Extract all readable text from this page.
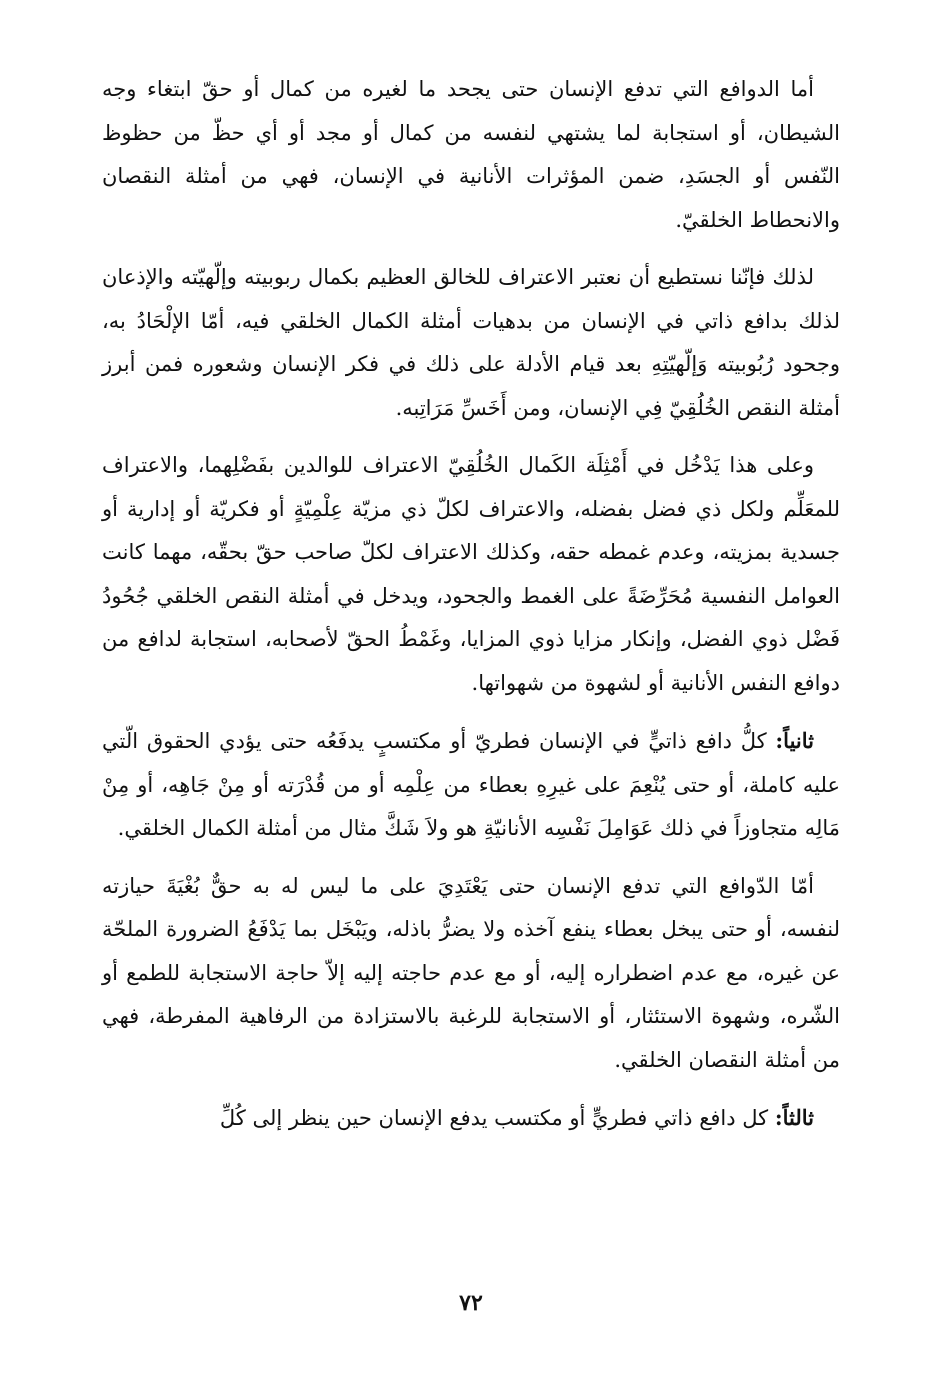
أما الدوافع التي تدفع الإنسان حتى يجحد ما لغيره من كمال أو حقّ ابتغاء وجه الشيطان، أو استجابة لما يشتهي لنفسه من كمال أو مجد أو أي حظّ من حظوظ النّفس أو الجسَدِ، ضمن المؤثرات الأنانية في الإنسان، فهي من أمثلة النقصان والانحطاط الخلقيّ.

لذلك فإنّنا نستطيع أن نعتبر الاعتراف للخالق العظيم بكمال ربوبيته وإلّهيّته والإذعان لذلك بدافع ذاتي في الإنسان من بدهيات أمثلة الكمال الخلقي فيه، أمّا الإلْحَادُ به، وجحود رُبُوبيته وَإلّهيّتِهِ بعد قيام الأدلة على ذلك في فكر الإنسان وشعوره فمن أبرز أمثلة النقص الخُلُقِيّ فِي الإنسان، ومن أَخَسِّ مَرَاتِبه.

وعلى هذا يَدْخُل في أَمْثِلَة الكَمال الخُلُقِيّ الاعتراف للوالدين بفَضْلِهما، والاعتراف للمعَلِّم ولكل ذي فضل بفضله، والاعتراف لكلّ ذي مزيّة عِلْمِيّةٍ أو فكريّة أو إدارية أو جسدية بمزيته، وعدم غمطه حقه، وكذلك الاعتراف لكلّ صاحب حقّ بحقّه، مهما كانت العوامل النفسية مُحَرِّضَةً على الغمط والجحود، ويدخل في أمثلة النقص الخلقي جُحُودُ فَضْل ذوي الفضل، وإنكار مزايا ذوي المزايا، وغَمْطُ الحقّ لأصحابه، استجابة لدافع من دوافع النفس الأنانية أو لشهوة من شهواتها.

ثانياً: كلُّ دافع ذاتيٍّ في الإنسان فطريّ أو مكتسبٍ يدفَعُه حتى يؤدي الحقوق الّتي عليه كاملة، أو حتى يُنْعِمَ على غيرِهِ بعطاء من عِلْمِه أو من قُدْرَته أو مِنْ جَاهِه، أو مِنْ مَالِه متجاوزاً في ذلك عَوَامِلَ نَفْسِه الأنانيّةِ هو ولاَ شَكَّ مثال من أمثلة الكمال الخلقي.

أمّا الدّوافع التي تدفع الإنسان حتى يَعْتَدِيَ على ما ليس له به حقٌّ بُغْيَةَ حيازته لنفسه، أو حتى يبخل بعطاء ينفع آخذه ولا يضرُّ باذله، ويَبْخَل بما يَدْفَعُ الضرورة الملحّة عن غيره، مع عدم اضطراره إليه، أو مع عدم حاجته إليه إلاّ حاجة الاستجابة للطمع أو الشّره، وشهوة الاستئثار، أو الاستجابة للرغبة بالاستزادة من الرفاهية المفرطة، فهي من أمثلة النقصان الخلقي.

ثالثاً: كل دافع ذاتي فطريٍّ أو مكتسب يدفع الإنسان حين ينظر إلى كُلِّ

٧٢
